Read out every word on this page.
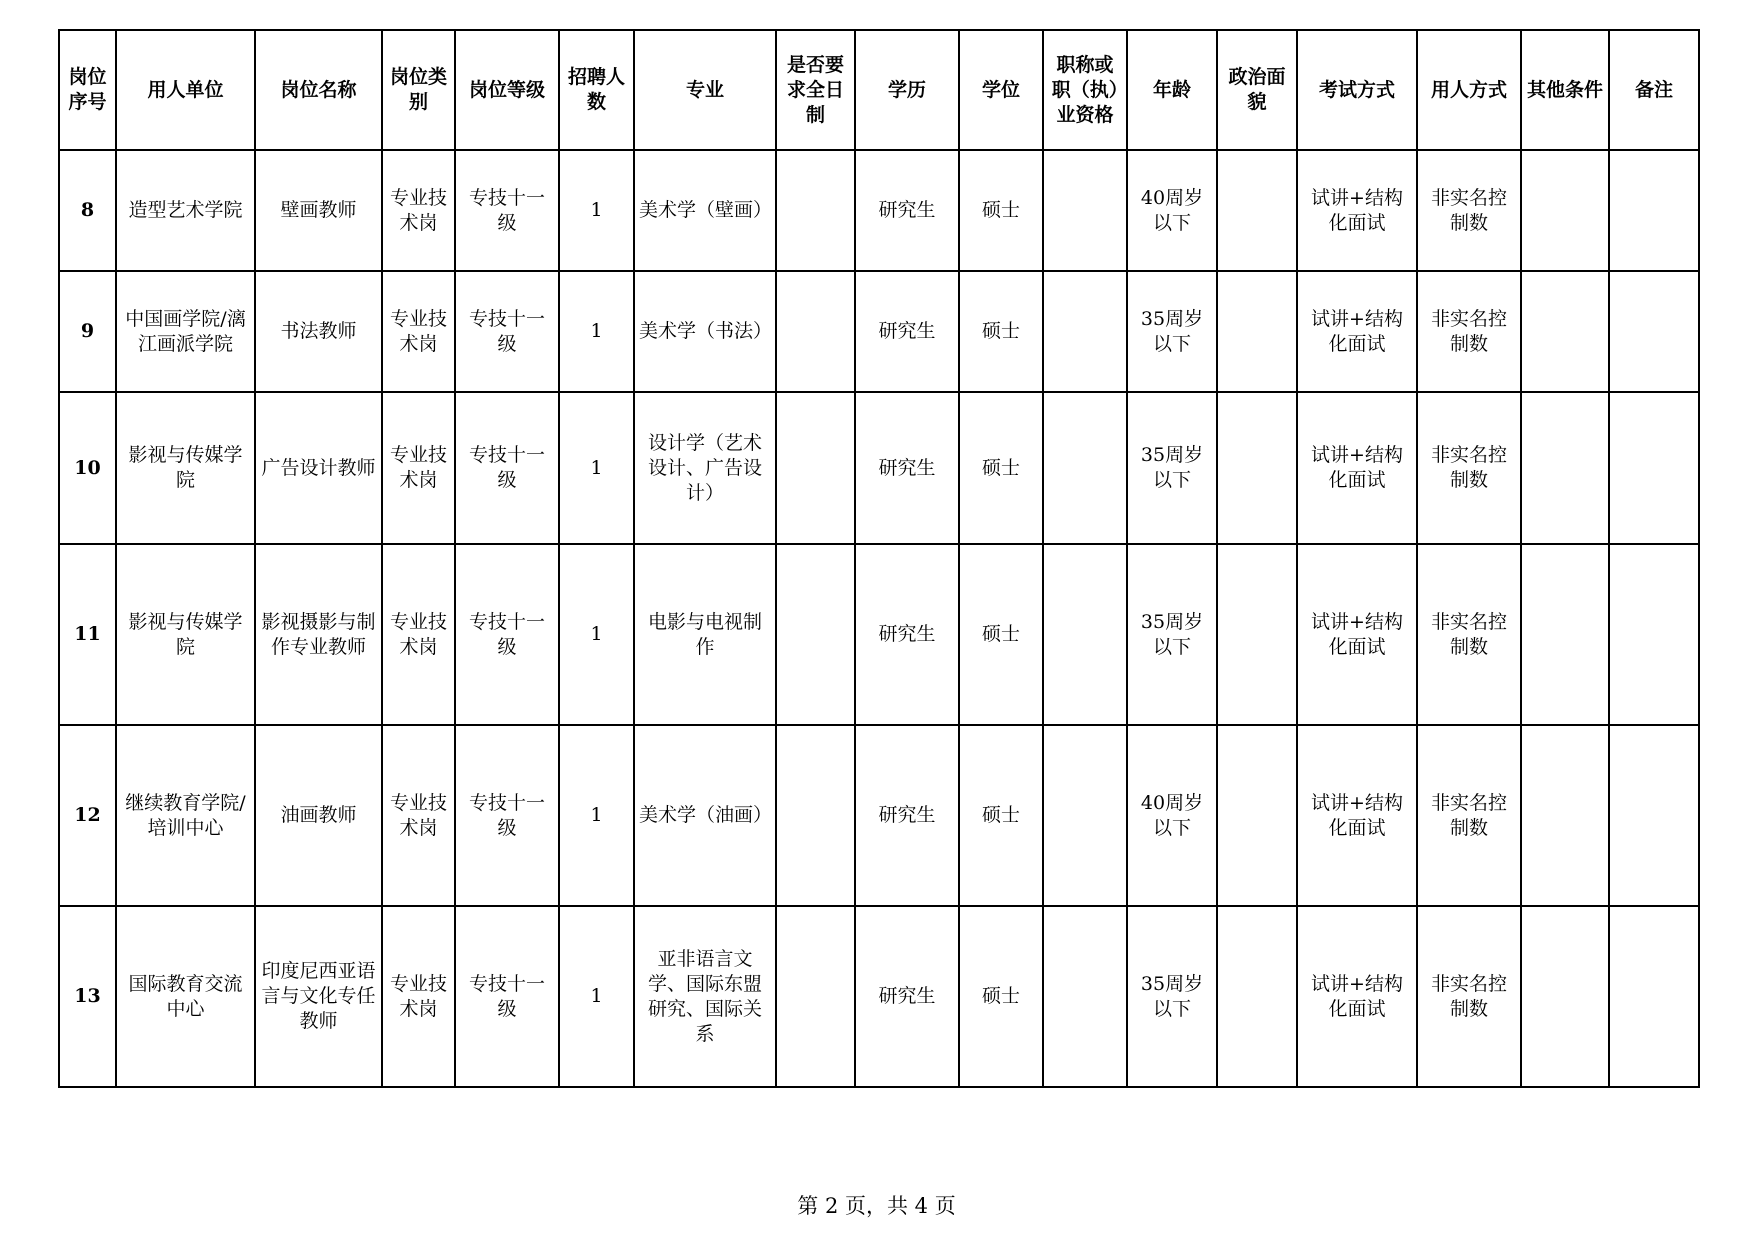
岗位序号	用人单位	岗位名称	岗位类别	岗位等级	招聘人数	专业	是否要求全日制	学历	学位	职称或职（执）业资格	年龄	政治面貌	考试方式	用人方式	其他条件	备注
8	造型艺术学院	壁画教师	专业技术岗	专技十一级	1	美术学（壁画）		研究生	硕士		40周岁以下		试讲+结构化面试	非实名控制数		
9	中国画学院/漓江画派学院	书法教师	专业技术岗	专技十一级	1	美术学（书法）		研究生	硕士		35周岁以下		试讲+结构化面试	非实名控制数		
10	影视与传媒学院	广告设计教师	专业技术岗	专技十一级	1	设计学（艺术设计、广告设计）		研究生	硕士		35周岁以下		试讲+结构化面试	非实名控制数		
11	影视与传媒学院	影视摄影与制作专业教师	专业技术岗	专技十一级	1	电影与电视制作		研究生	硕士		35周岁以下		试讲+结构化面试	非实名控制数		
12	继续教育学院/培训中心	油画教师	专业技术岗	专技十一级	1	美术学（油画）		研究生	硕士		40周岁以下		试讲+结构化面试	非实名控制数		
13	国际教育交流中心	印度尼西亚语言与文化专任教师	专业技术岗	专技十一级	1	亚非语言文学、国际东盟研究、国际关系		研究生	硕士		35周岁以下		试讲+结构化面试	非实名控制数		
第 2 页，共 4 页
